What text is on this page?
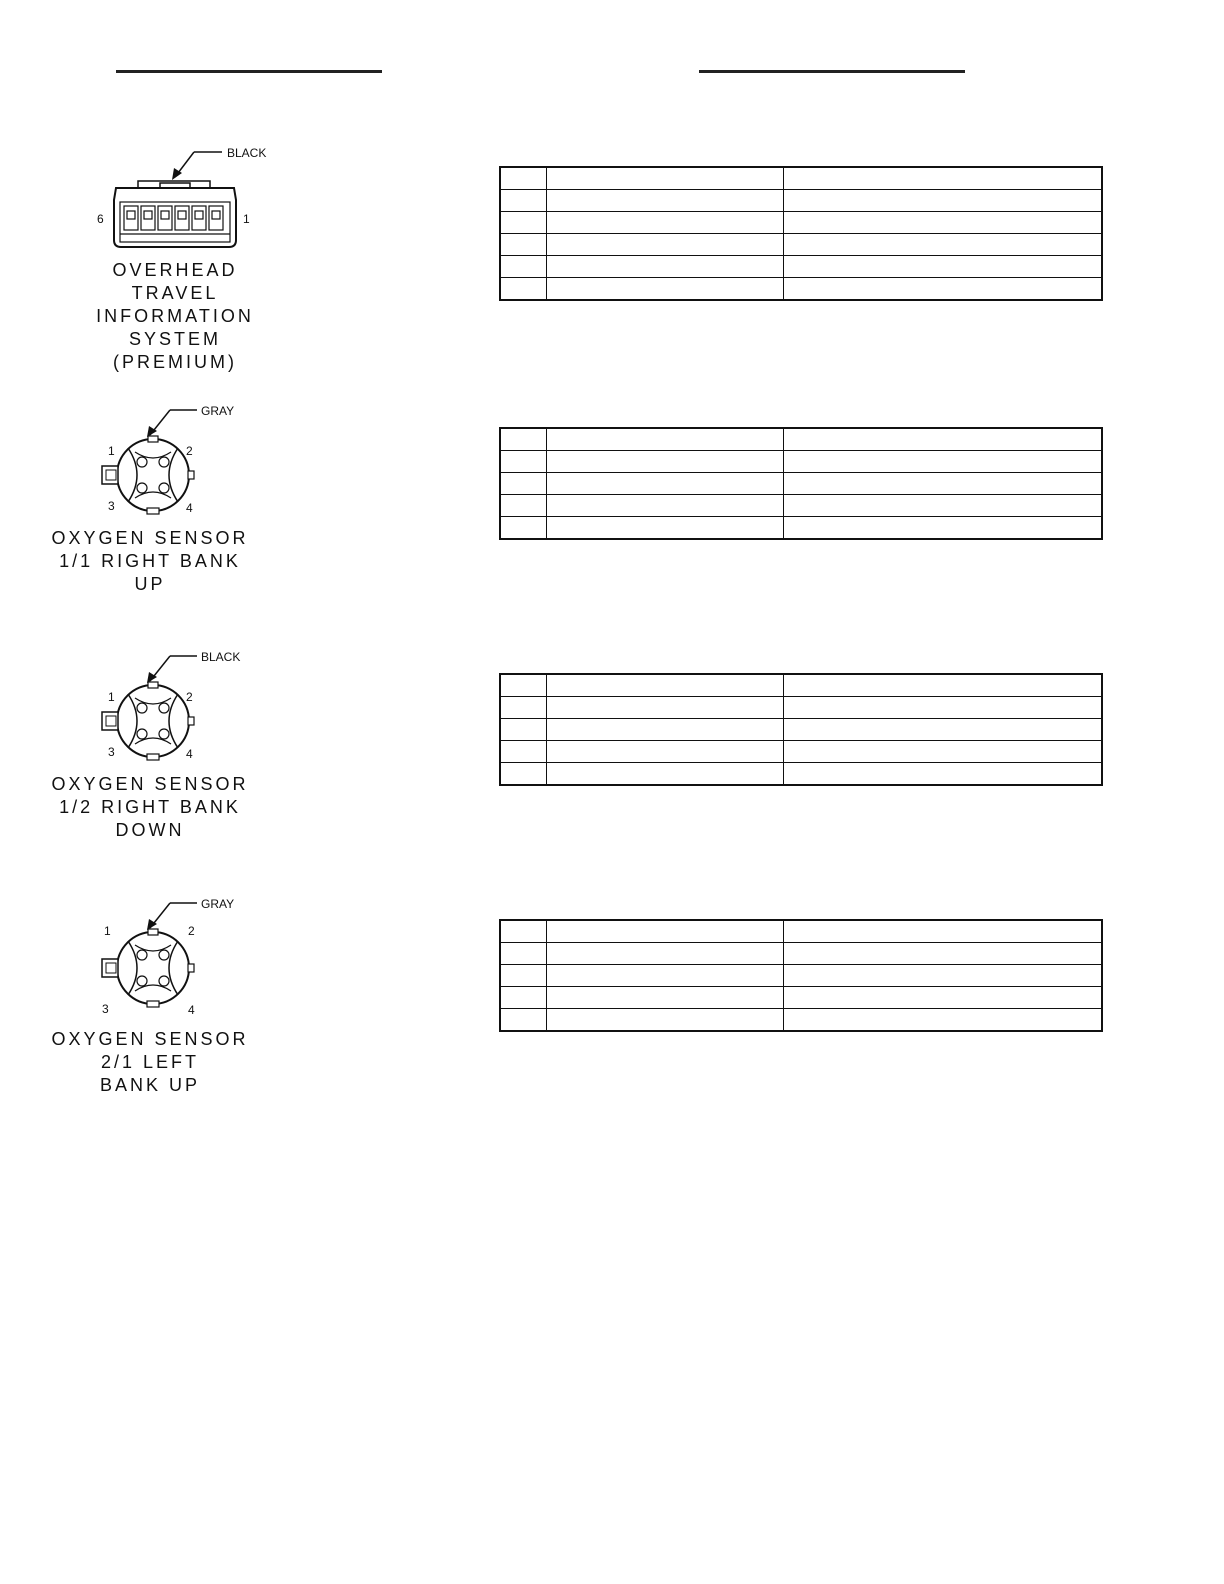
BLACK
6	1
OVERHEAD
TRAVEL INFORMATION
SYSTEM
(PREMIUM)

GRAY
1	2
3	4
OXYGEN SENSOR
1/1 RIGHT BANK
UP

BLACK
1	2
3	4
OXYGEN SENSOR
1/2 RIGHT BANK
DOWN

GRAY
1	2
3	4
OXYGEN SENSOR
2/1 LEFT
BANK UP
